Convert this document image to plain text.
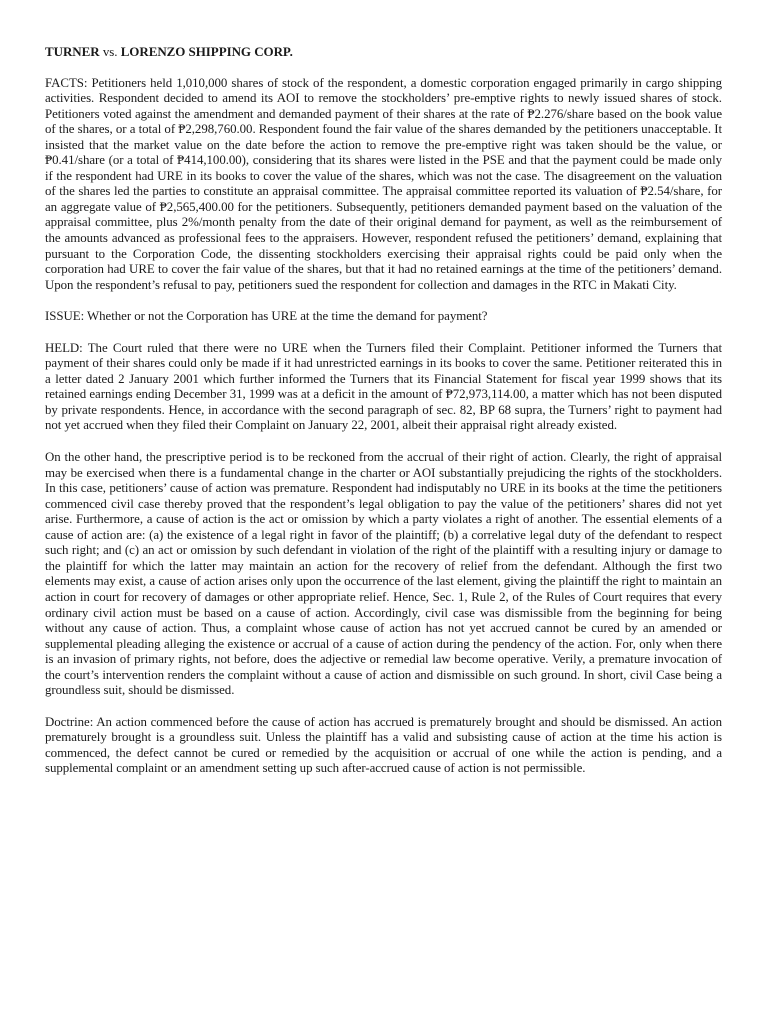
TURNER vs. LORENZO SHIPPING CORP.

FACTS: Petitioners held 1,010,000 shares of stock of the respondent, a domestic corporation engaged primarily in cargo shipping activities. Respondent decided to amend its AOI to remove the stockholders’ pre-emptive rights to newly issued shares of stock. Petitioners voted against the amendment and demanded payment of their shares at the rate of ₱2.276/share based on the book value of the shares, or a total of ₱2,298,760.00. Respondent found the fair value of the shares demanded by the petitioners unacceptable. It insisted that the market value on the date before the action to remove the pre-emptive right was taken should be the value, or ₱0.41/share (or a total of ₱414,100.00), considering that its shares were listed in the PSE and that the payment could be made only if the respondent had URE in its books to cover the value of the shares, which was not the case. The disagreement on the valuation of the shares led the parties to constitute an appraisal committee. The appraisal committee reported its valuation of ₱2.54/share, for an aggregate value of ₱2,565,400.00 for the petitioners. Subsequently, petitioners demanded payment based on the valuation of the appraisal committee, plus 2%/month penalty from the date of their original demand for payment, as well as the reimbursement of the amounts advanced as professional fees to the appraisers. However, respondent refused the petitioners’ demand, explaining that pursuant to the Corporation Code, the dissenting stockholders exercising their appraisal rights could be paid only when the corporation had URE to cover the fair value of the shares, but that it had no retained earnings at the time of the petitioners’ demand. Upon the respondent’s refusal to pay, petitioners sued the respondent for collection and damages in the RTC in Makati City.

ISSUE: Whether or not the Corporation has URE at the time the demand for payment?

HELD: The Court ruled that there were no URE when the Turners filed their Complaint. Petitioner informed the Turners that payment of their shares could only be made if it had unrestricted earnings in its books to cover the same. Petitioner reiterated this in a letter dated 2 January 2001 which further informed the Turners that its Financial Statement for fiscal year 1999 shows that its retained earnings ending December 31, 1999 was at a deficit in the amount of ₱72,973,114.00, a matter which has not been disputed by private respondents. Hence, in accordance with the second paragraph of sec. 82, BP 68 supra, the Turners’ right to payment had not yet accrued when they filed their Complaint on January 22, 2001, albeit their appraisal right already existed.

On the other hand, the prescriptive period is to be reckoned from the accrual of their right of action. Clearly, the right of appraisal may be exercised when there is a fundamental change in the charter or AOI substantially prejudicing the rights of the stockholders. In this case, petitioners’ cause of action was premature. Respondent had indisputably no URE in its books at the time the petitioners commenced civil case thereby proved that the respondent’s legal obligation to pay the value of the petitioners’ shares did not yet arise. Furthermore, a cause of action is the act or omission by which a party violates a right of another. The essential elements of a cause of action are: (a) the existence of a legal right in favor of the plaintiff; (b) a correlative legal duty of the defendant to respect such right; and (c) an act or omission by such defendant in violation of the right of the plaintiff with a resulting injury or damage to the plaintiff for which the latter may maintain an action for the recovery of relief from the defendant. Although the first two elements may exist, a cause of action arises only upon the occurrence of the last element, giving the plaintiff the right to maintain an action in court for recovery of damages or other appropriate relief. Hence, Sec. 1, Rule 2, of the Rules of Court requires that every ordinary civil action must be based on a cause of action. Accordingly, civil case was dismissible from the beginning for being without any cause of action. Thus, a complaint whose cause of action has not yet accrued cannot be cured by an amended or supplemental pleading alleging the existence or accrual of a cause of action during the pendency of the action. For, only when there is an invasion of primary rights, not before, does the adjective or remedial law become operative. Verily, a premature invocation of the court’s intervention renders the complaint without a cause of action and dismissible on such ground. In short, civil Case being a groundless suit, should be dismissed.

Doctrine: An action commenced before the cause of action has accrued is prematurely brought and should be dismissed. An action prematurely brought is a groundless suit. Unless the plaintiff has a valid and subsisting cause of action at the time his action is commenced, the defect cannot be cured or remedied by the acquisition or accrual of one while the action is pending, and a supplemental complaint or an amendment setting up such after-accrued cause of action is not permissible.
